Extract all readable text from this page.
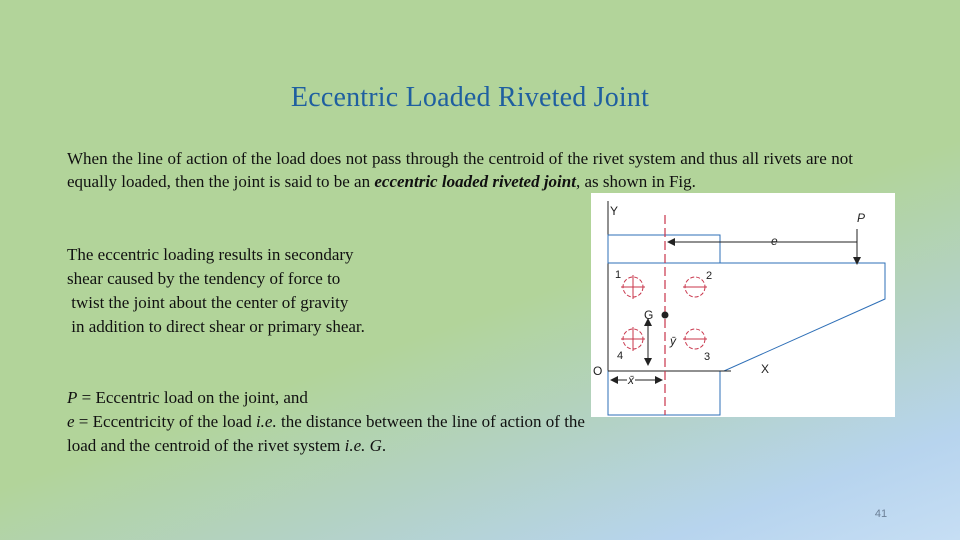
Eccentric Loaded Riveted Joint
When the line of action of the load does not pass through the centroid of the rivet system and thus all rivets are not equally loaded, then the joint is said to be an eccentric loaded riveted joint, as shown in Fig.
The eccentric loading results in secondary
shear caused by the tendency of force to
twist the joint about the center of gravity
in addition to direct shear or primary shear.
P = Eccentric load on the joint, and
e = Eccentricity of the load i.e. the distance between the line of action of the load and the centroid of the rivet system i.e. G.
Y
X
O
e
P
1	2
4	3
G
ȳ
x̄
41
